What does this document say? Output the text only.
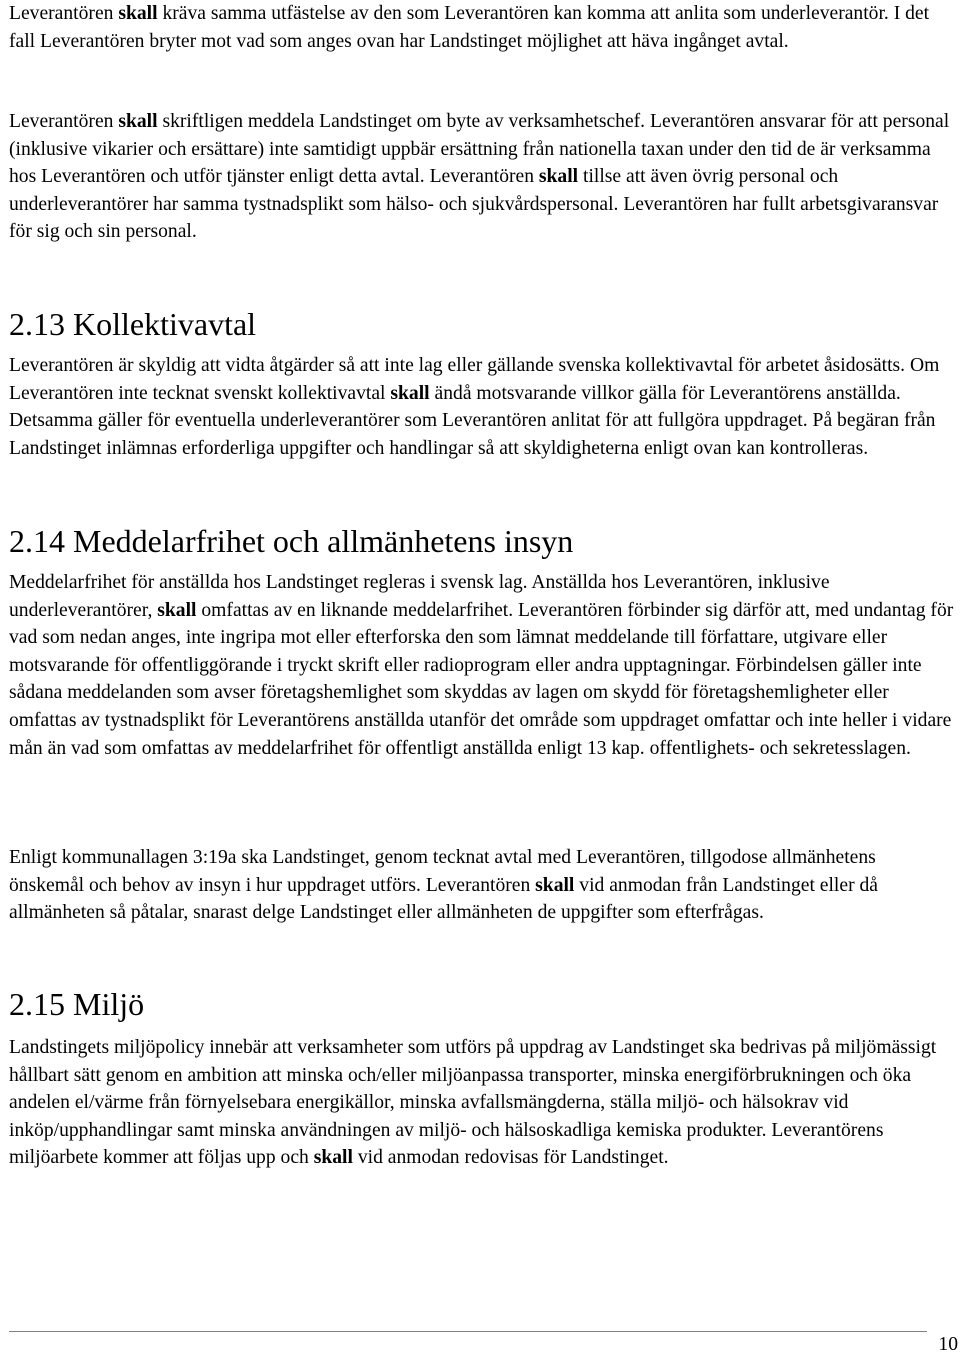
Leverantören skall kräva samma utfästelse av den som Leverantören kan komma att anlita som underleverantör. I det fall Leverantören bryter mot vad som anges ovan har Landstinget möjlighet att häva ingånget avtal.

Leverantören skall skriftligen meddela Landstinget om byte av verksamhetschef. Leverantören ansvarar för att personal (inklusive vikarier och ersättare) inte samtidigt uppbär ersättning från nationella taxan under den tid de är verksamma hos Leverantören och utför tjänster enligt detta avtal. Leverantören skall tillse att även övrig personal och underleverantörer har samma tystnadsplikt som hälso- och sjukvårdspersonal. Leverantören har fullt arbetsgivaransvar för sig och sin personal.

2.13 Kollektivavtal

Leverantören är skyldig att vidta åtgärder så att inte lag eller gällande svenska kollektivavtal för arbetet åsidosätts. Om Leverantören inte tecknat svenskt kollektivavtal skall ändå motsvarande villkor gälla för Leverantörens anställda. Detsamma gäller för eventuella underleverantörer som Leverantören anlitat för att fullgöra uppdraget. På begäran från Landstinget inlämnas erforderliga uppgifter och handlingar så att skyldigheterna enligt ovan kan kontrolleras.

2.14 Meddelarfrihet och allmänhetens insyn

Meddelarfrihet för anställda hos Landstinget regleras i svensk lag. Anställda hos Leverantören, inklusive underleverantörer, skall omfattas av en liknande meddelarfrihet. Leverantören förbinder sig därför att, med undantag för vad som nedan anges, inte ingripa mot eller efterforska den som lämnat meddelande till författare, utgivare eller motsvarande för offentliggörande i tryckt skrift eller radioprogram eller andra upptagningar. Förbindelsen gäller inte sådana meddelanden som avser företagshemlighet som skyddas av lagen om skydd för företagshemligheter eller omfattas av tystnadsplikt för Leverantörens anställda utanför det område som uppdraget omfattar och inte heller i vidare mån än vad som omfattas av meddelarfrihet för offentligt anställda enligt 13 kap. offentlighets- och sekretesslagen.

Enligt kommunallagen 3:19a ska Landstinget, genom tecknat avtal med Leverantören, tillgodose allmänhetens önskemål och behov av insyn i hur uppdraget utförs. Leverantören skall vid anmodan från Landstinget eller då allmänheten så påtalar, snarast delge Landstinget eller allmänheten de uppgifter som efterfrågas.

2.15 Miljö

Landstingets miljöpolicy innebär att verksamheter som utförs på uppdrag av Landstinget ska bedrivas på miljömässigt hållbart sätt genom en ambition att minska och/eller miljöanpassa transporter, minska energiförbrukningen och öka andelen el/värme från förnyelsebara energikällor, minska avfallsmängderna, ställa miljö- och hälsokrav vid inköp/upphandlingar samt minska användningen av miljö- och hälsoskadliga kemiska produkter. Leverantörens miljöarbete kommer att följas upp och skall vid anmodan redovisas för Landstinget.

10
